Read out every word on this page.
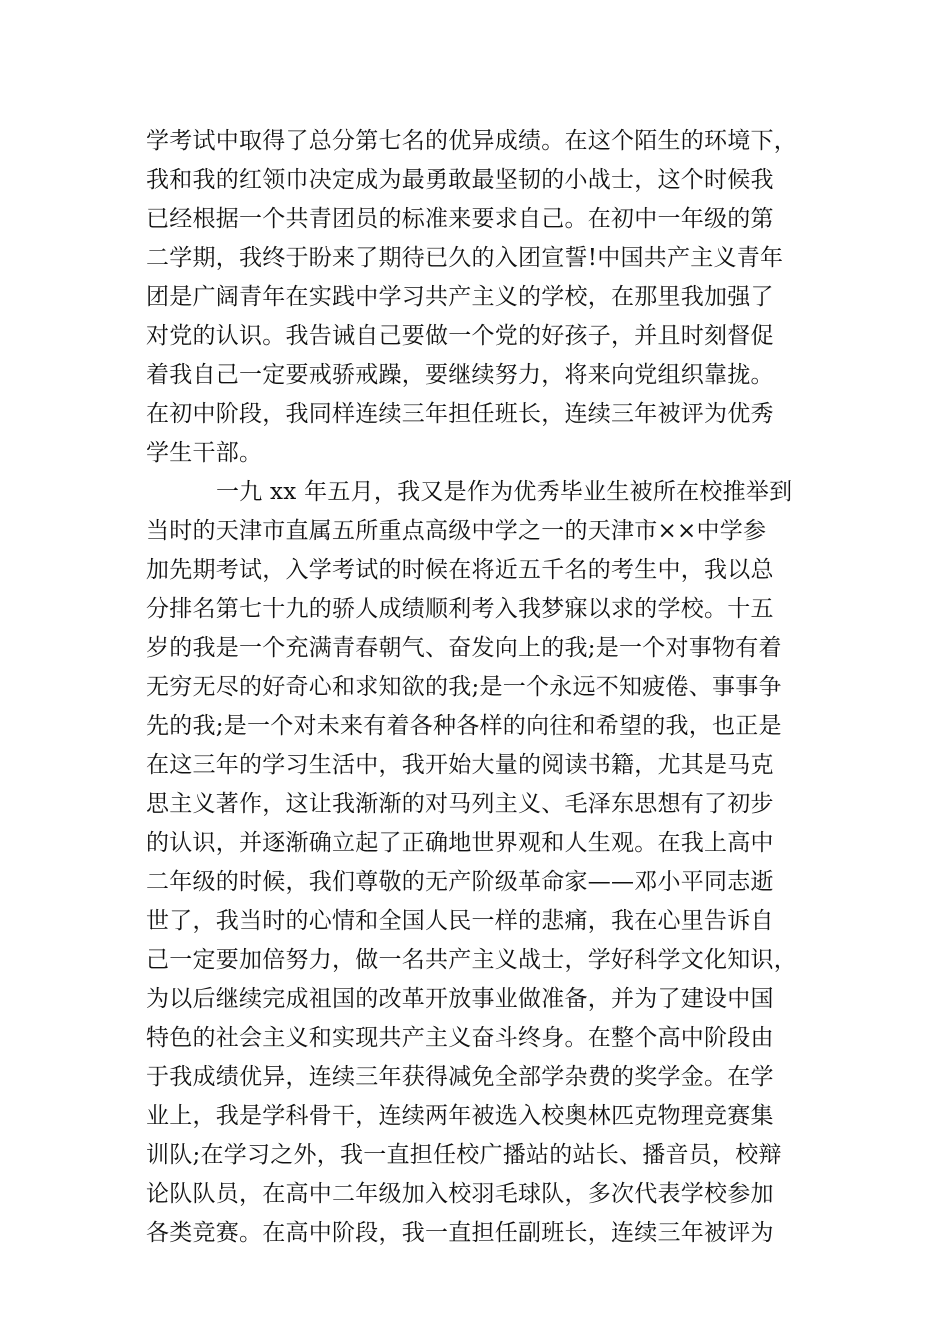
学考试中取得了总分第七名的优异成绩。在这个陌生的环境下，
我和我的红领巾决定成为最勇敢最坚韧的小战士，这个时候我
已经根据一个共青团员的标准来要求自己。在初中一年级的第
二学期，我终于盼来了期待已久的入团宣誓!中国共产主义青年
团是广阔青年在实践中学习共产主义的学校，在那里我加强了
对党的认识。我告诫自己要做一个党的好孩子，并且时刻督促
着我自己一定要戒骄戒躁，要继续努力，将来向党组织靠拢。
在初中阶段，我同样连续三年担任班长，连续三年被评为优秀
学生干部。
一九 xx 年五月，我又是作为优秀毕业生被所在校推举到
当时的天津市直属五所重点高级中学之一的天津市××中学参
加先期考试，入学考试的时候在将近五千名的考生中，我以总
分排名第七十九的骄人成绩顺利考入我梦寐以求的学校。十五
岁的我是一个充满青春朝气、奋发向上的我;是一个对事物有着
无穷无尽的好奇心和求知欲的我;是一个永远不知疲倦、事事争
先的我;是一个对未来有着各种各样的向往和希望的我，也正是
在这三年的学习生活中，我开始大量的阅读书籍，尤其是马克
思主义著作，这让我渐渐的对马列主义、毛泽东思想有了初步
的认识，并逐渐确立起了正确地世界观和人生观。在我上高中
二年级的时候，我们尊敬的无产阶级革命家——邓小平同志逝
世了，我当时的心情和全国人民一样的悲痛，我在心里告诉自
己一定要加倍努力，做一名共产主义战士，学好科学文化知识，
为以后继续完成祖国的改革开放事业做准备，并为了建设中国
特色的社会主义和实现共产主义奋斗终身。在整个高中阶段由
于我成绩优异，连续三年获得减免全部学杂费的奖学金。在学
业上，我是学科骨干，连续两年被选入校奥林匹克物理竞赛集
训队;在学习之外，我一直担任校广播站的站长、播音员，校辩
论队队员，在高中二年级加入校羽毛球队，多次代表学校参加
各类竞赛。在高中阶段，我一直担任副班长，连续三年被评为
